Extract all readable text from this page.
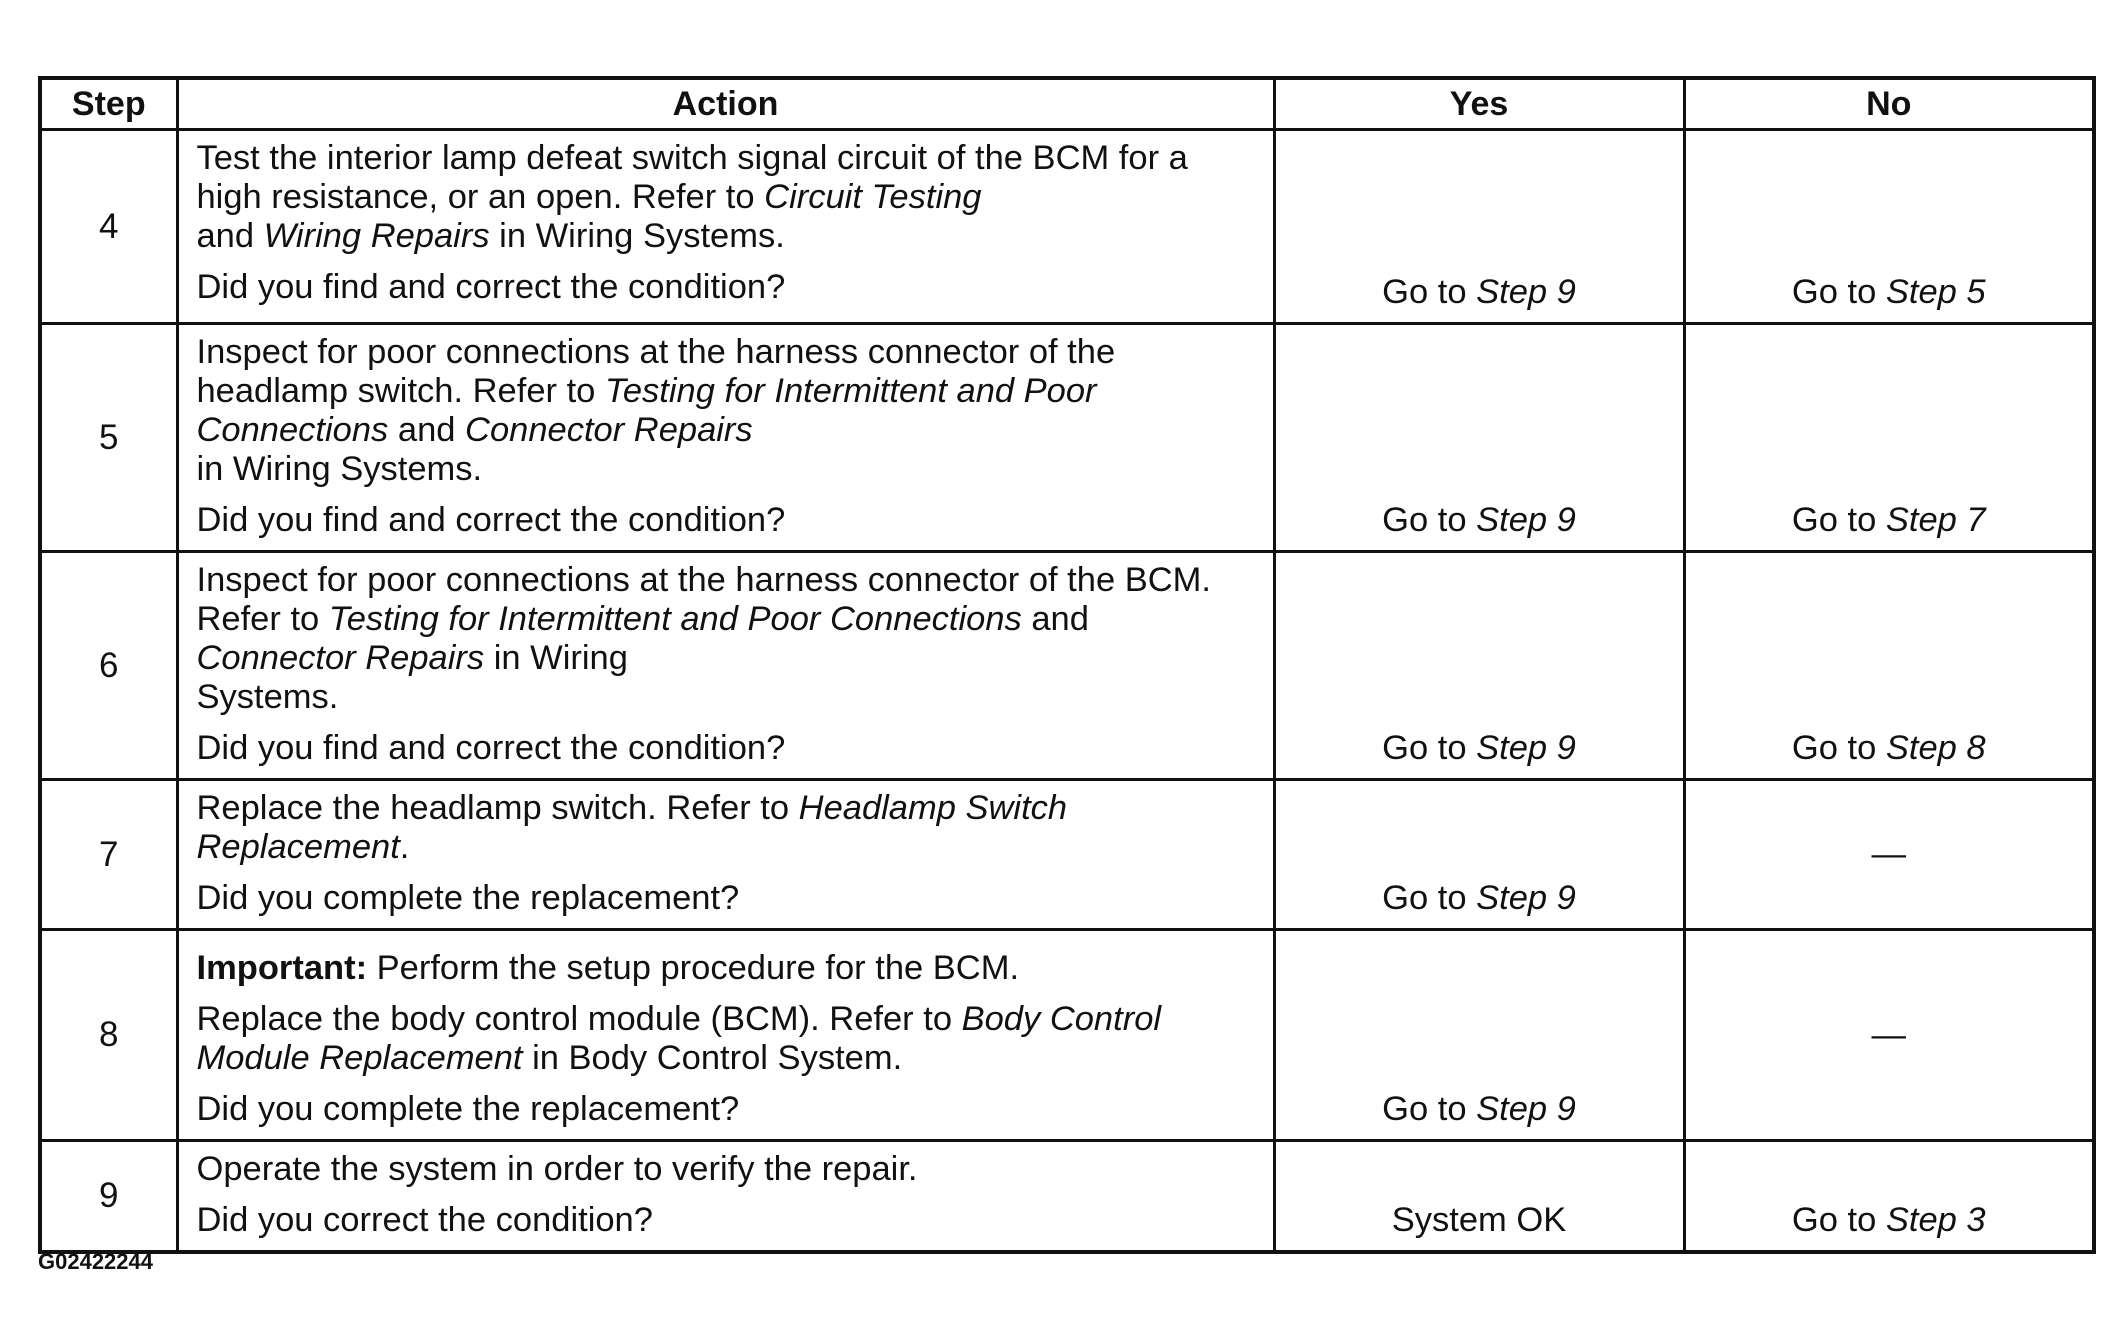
Step	Action	Yes	No
4	Test the interior lamp defeat switch signal circuit of the BCM for a high resistance, or an open. Refer to Circuit Testing
and Wiring Repairs in Wiring Systems.
Did you find and correct the condition?	Go to Step 9	Go to Step 5
5	Inspect for poor connections at the harness connector of the headlamp switch. Refer to Testing for Intermittent and Poor Connections and Connector Repairs
in Wiring Systems.
Did you find and correct the condition?	Go to Step 9	Go to Step 7
6	Inspect for poor connections at the harness connector of the BCM. Refer to Testing for Intermittent and Poor Connections and Connector Repairs in Wiring
Systems.
Did you find and correct the condition?	Go to Step 9	Go to Step 8
7	Replace the headlamp switch. Refer to Headlamp Switch Replacement.
Did you complete the replacement?	Go to Step 9	—
8	Important: Perform the setup procedure for the BCM.
Replace the body control module (BCM). Refer to Body Control Module Replacement in Body Control System.
Did you complete the replacement?	Go to Step 9	—
9	Operate the system in order to verify the repair.
Did you correct the condition?	System OK	Go to Step 3
G02422244
